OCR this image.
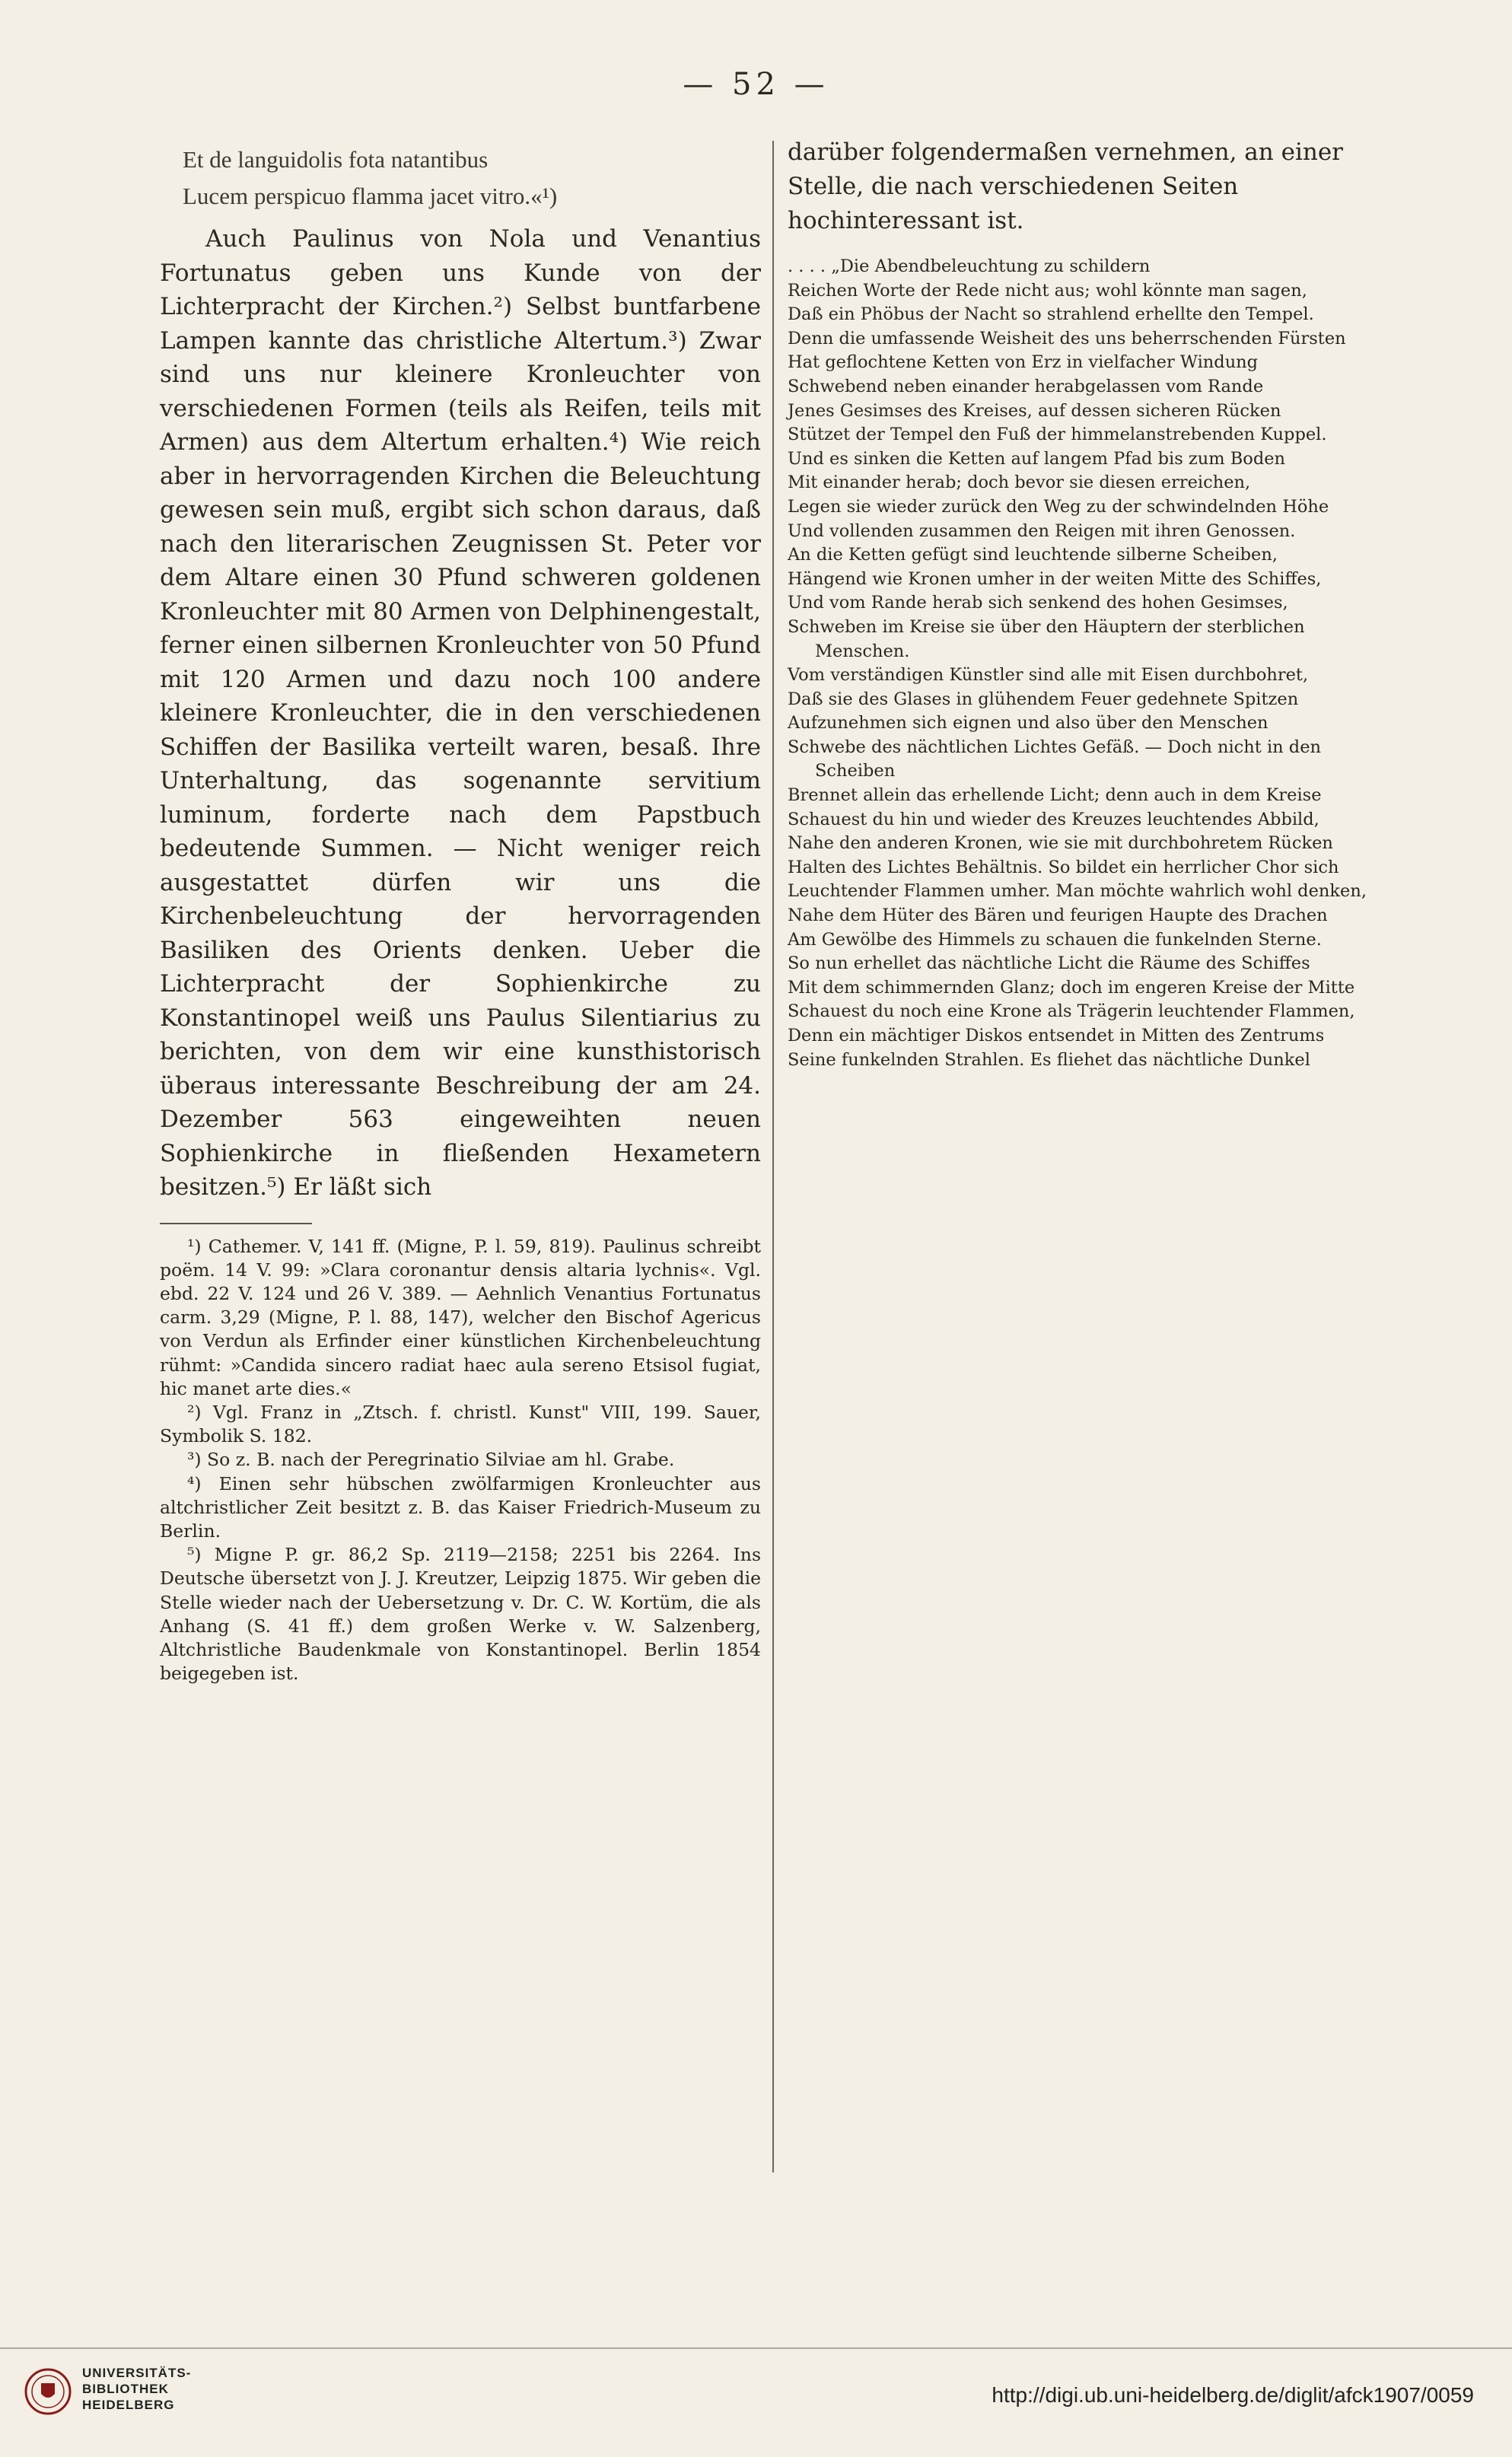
— 52 —

Et de languidolis fota natantibus

Lucem perspicuo flamma jacet vitro.«¹)

Auch Paulinus von Nola und Venantius Fortunatus geben uns Kunde von der Lichterpracht der Kirchen.²) Selbst buntfarbene Lampen kannte das christliche Altertum.³) Zwar sind uns nur kleinere Kronleuchter von verschiedenen Formen (teils als Reifen, teils mit Armen) aus dem Altertum erhalten.⁴) Wie reich aber in hervorragenden Kirchen die Beleuchtung gewesen sein muß, ergibt sich schon daraus, daß nach den literarischen Zeugnissen St. Peter vor dem Altare einen 30 Pfund schweren goldenen Kronleuchter mit 80 Armen von Delphinengestalt, ferner einen silbernen Kronleuchter von 50 Pfund mit 120 Armen und dazu noch 100 andere kleinere Kronleuchter, die in den verschiedenen Schiffen der Basilika verteilt waren, besaß. Ihre Unterhaltung, das sogenannte servitium luminum, forderte nach dem Papstbuch bedeutende Summen. — Nicht weniger reich ausgestattet dürfen wir uns die Kirchenbeleuchtung der hervorragenden Basiliken des Orients denken. Ueber die Lichterpracht der Sophienkirche zu Konstantinopel weiß uns Paulus Silentiarius zu berichten, von dem wir eine kunsthistorisch überaus interessante Beschreibung der am 24. Dezember 563 eingeweihten neuen Sophienkirche in fließenden Hexametern besitzen.⁵) Er läßt sich

¹) Cathemer. V, 141 ff. (Migne, P. l. 59, 819). Paulinus schreibt poëm. 14 V. 99: »Clara coronantur densis altaria lychnis«. Vgl. ebd. 22 V. 124 und 26 V. 389. — Aehnlich Venantius Fortunatus carm. 3,29 (Migne, P. l. 88, 147), welcher den Bischof Agericus von Verdun als Erfinder einer künstlichen Kirchenbeleuchtung rühmt: »Candida sincero radiat haec aula sereno Etsisol fugiat, hic manet arte dies.«

²) Vgl. Franz in „Ztsch. f. christl. Kunst" VIII, 199. Sauer, Symbolik S. 182.

³) So z. B. nach der Peregrinatio Silviae am hl. Grabe.

⁴) Einen sehr hübschen zwölfarmigen Kronleuchter aus altchristlicher Zeit besitzt z. B. das Kaiser Friedrich-Museum zu Berlin.

⁵) Migne P. gr. 86,2 Sp. 2119—2158; 2251 bis 2264. Ins Deutsche übersetzt von J. J. Kreutzer, Leipzig 1875. Wir geben die Stelle wieder nach der Uebersetzung v. Dr. C. W. Kortüm, die als Anhang (S. 41 ff.) dem großen Werke v. W. Salzenberg, Altchristliche Baudenkmale von Konstantinopel. Berlin 1854 beigegeben ist.

darüber folgendermaßen vernehmen, an einer Stelle, die nach verschiedenen Seiten hochinteressant ist.

. . . . „Die Abendbeleuchtung zu schildern

Reichen Worte der Rede nicht aus; wohl könnte man sagen,

Daß ein Phöbus der Nacht so strahlend erhellte den Tempel.

Denn die umfassende Weisheit des uns beherrschenden Fürsten

Hat geflochtene Ketten von Erz in vielfacher Windung

Schwebend neben einander herabgelassen vom Rande

Jenes Gesimses des Kreises, auf dessen sicheren Rücken

Stützet der Tempel den Fuß der himmelanstrebenden Kuppel.

Und es sinken die Ketten auf langem Pfad bis zum Boden

Mit einander herab; doch bevor sie diesen erreichen,

Legen sie wieder zurück den Weg zu der schwindelnden Höhe

Und vollenden zusammen den Reigen mit ihren Genossen.

An die Ketten gefügt sind leuchtende silberne Scheiben,

Hängend wie Kronen umher in der weiten Mitte des Schiffes,

Und vom Rande herab sich senkend des hohen Gesimses,

Schweben im Kreise sie über den Häuptern der sterblichen Menschen.

Vom verständigen Künstler sind alle mit Eisen durchbohret,

Daß sie des Glases in glühendem Feuer gedehnete Spitzen

Aufzunehmen sich eignen und also über den Menschen

Schwebe des nächtlichen Lichtes Gefäß. — Doch nicht in den Scheiben

Brennet allein das erhellende Licht; denn auch in dem Kreise

Schauest du hin und wieder des Kreuzes leuchtendes Abbild,

Nahe den anderen Kronen, wie sie mit durchbohretem Rücken

Halten des Lichtes Behältnis. So bildet ein herrlicher Chor sich

Leuchtender Flammen umher. Man möchte wahrlich wohl denken,

Nahe dem Hüter des Bären und feurigen Haupte des Drachen

Am Gewölbe des Himmels zu schauen die funkelnden Sterne.

So nun erhellet das nächtliche Licht die Räume des Schiffes

Mit dem schimmernden Glanz; doch im engeren Kreise der Mitte

Schauest du noch eine Krone als Trägerin leuchtender Flammen,

Denn ein mächtiger Diskos entsendet in Mitten des Zentrums

Seine funkelnden Strahlen. Es fliehet das nächtliche Dunkel

UNIVERSITÄTS-
BIBLIOTHEK
HEIDELBERG	http://digi.ub.uni-heidelberg.de/diglit/afck1907/0059
